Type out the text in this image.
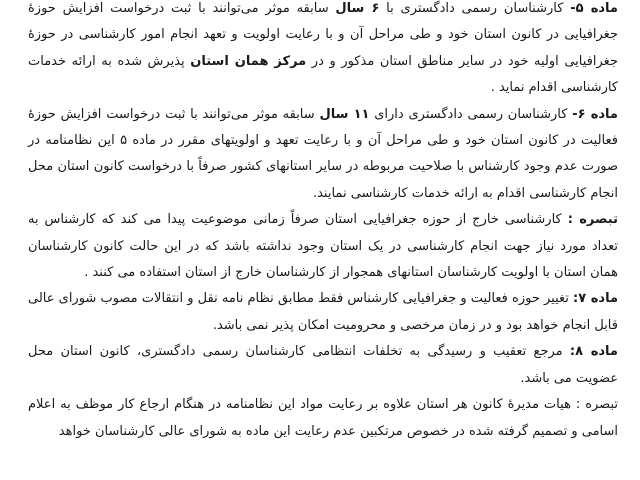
ماده ۵- کارشناسان رسمی دادگستری با ۶ سال سابقه موثر می‌توانند با ثبت درخواست افزایش حوزهٔ جغرافیایی در کانون استان خود و طی مراحل آن و با رعایت اولویت و تعهد انجام امور کارشناسی در حوزهٔ جغرافیایی اولیه خود در سایر مناطق استان مذکور و در مرکز همان استان پذیرش شده به ارائه خدمات کارشناسی اقدام نماید .

ماده ۶- کارشناسان رسمی دادگستری دارای ۱۱ سال سابقه موثر می‌توانند با ثبت درخواست افزایش حوزهٔ فعالیت در کانون استان خود و طی مراحل آن و با رعایت تعهد و اولویتهای مقرر در ماده ۵ این نظامنامه در صورت عدم وجود کارشناس با صلاحیت مربوطه در سایر استانهای کشور صرفاً با درخواست کانون استان محل انجام کارشناسی اقدام به ارائه خدمات کارشناسی نمایند.

تبصره : کارشناسی خارج از حوزه جغرافیایی استان صرفاً زمانی موضوعیت پیدا می کند که کارشناس به تعداد مورد نیاز جهت انجام کارشناسی در یک استان وجود نداشته باشد که در این حالت کانون کارشناسان همان استان با اولویت کارشناسان استانهای همجوار از کارشناسان خارج از استان استفاده می کنند .

ماده ۷: تغییر حوزه فعالیت و جغرافیایی کارشناس فقط مطابق نظام نامه نقل و انتقالات مصوب شورای عالی قابل انجام خواهد بود و در زمان مرخصی و محرومیت امکان پذیر نمی باشد.

ماده ۸: مرجع تعقیب و رسیدگی به تخلفات انتظامی کارشناسان رسمی دادگستری، کانون استان محل عضویت می باشد.

تبصره : هیات مدیرهٔ کانون هر استان علاوه بر رعایت مواد این نظامنامه در هنگام ارجاع کار موظف به اعلام اسامی و تصمیم گرفته شده در خصوص مرتکبین عدم رعایت این ماده به شورای عالی کارشناسان خواهد
